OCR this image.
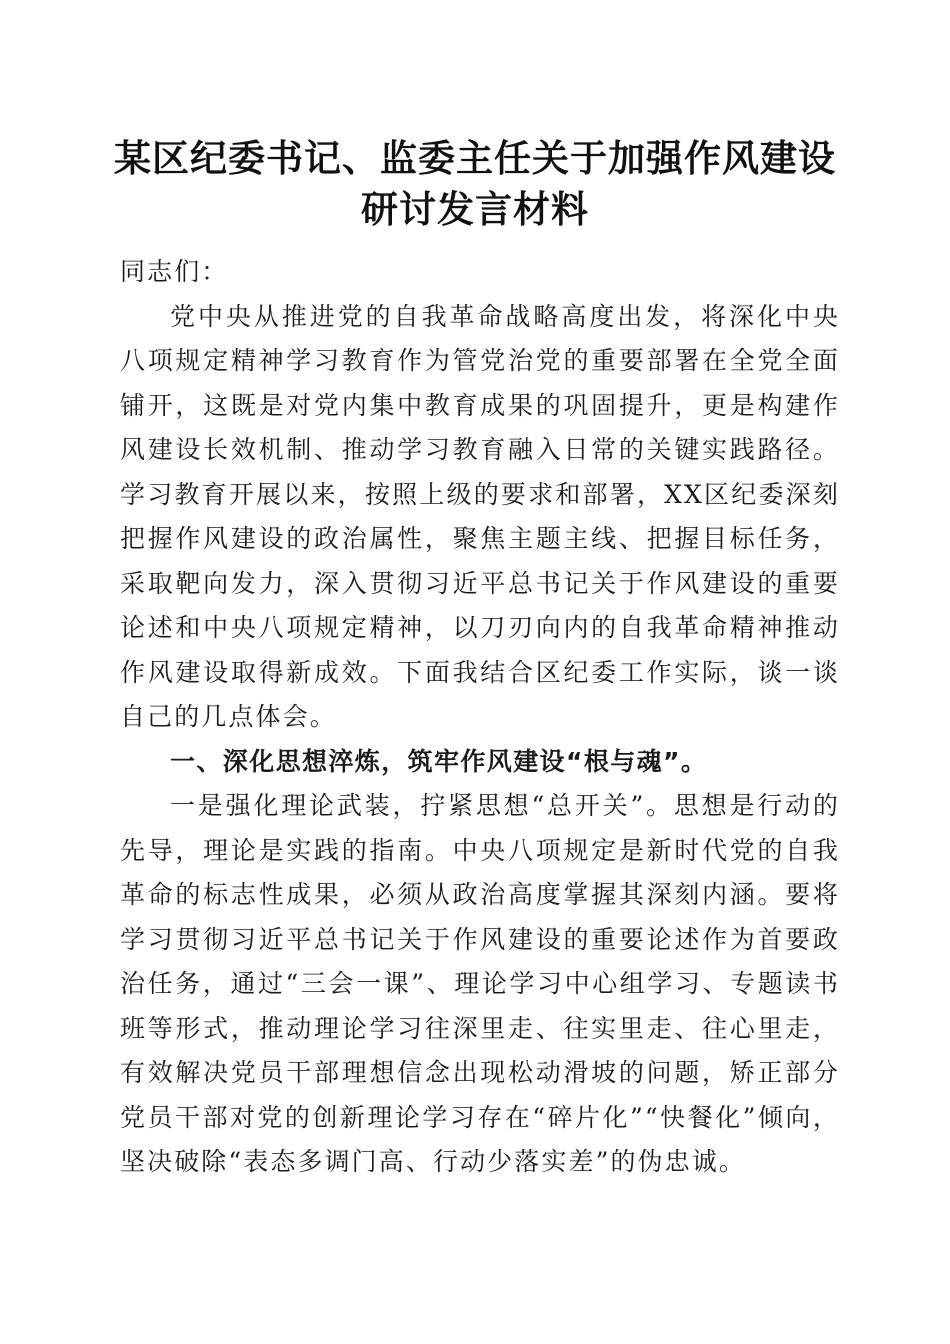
某区纪委书记、监委主任关于加强作风建设研讨发言材料

同志们：

党中央从推进党的自我革命战略高度出发，将深化中央八项规定精神学习教育作为管党治党的重要部署在全党全面铺开，这既是对党内集中教育成果的巩固提升，更是构建作风建设长效机制、推动学习教育融入日常的关键实践路径。学习教育开展以来，按照上级的要求和部署，XX区纪委深刻把握作风建设的政治属性，聚焦主题主线、把握目标任务，采取靶向发力，深入贯彻习近平总书记关于作风建设的重要论述和中央八项规定精神，以刀刃向内的自我革命精神推动作风建设取得新成效。下面我结合区纪委工作实际，谈一谈自己的几点体会。

一、深化思想淬炼，筑牢作风建设“根与魂”。

一是强化理论武装，拧紧思想“总开关”。思想是行动的先导，理论是实践的指南。中央八项规定是新时代党的自我革命的标志性成果，必须从政治高度掌握其深刻内涵。要将学习贯彻习近平总书记关于作风建设的重要论述作为首要政治任务，通过“三会一课”、理论学习中心组学习、专题读书班等形式，推动理论学习往深里走、往实里走、往心里走，有效解决党员干部理想信念出现松动滑坡的问题，矫正部分党员干部对党的创新理论学习存在“碎片化”“快餐化”倾向，坚决破除“表态多调门高、行动少落实差”的伪忠诚。
